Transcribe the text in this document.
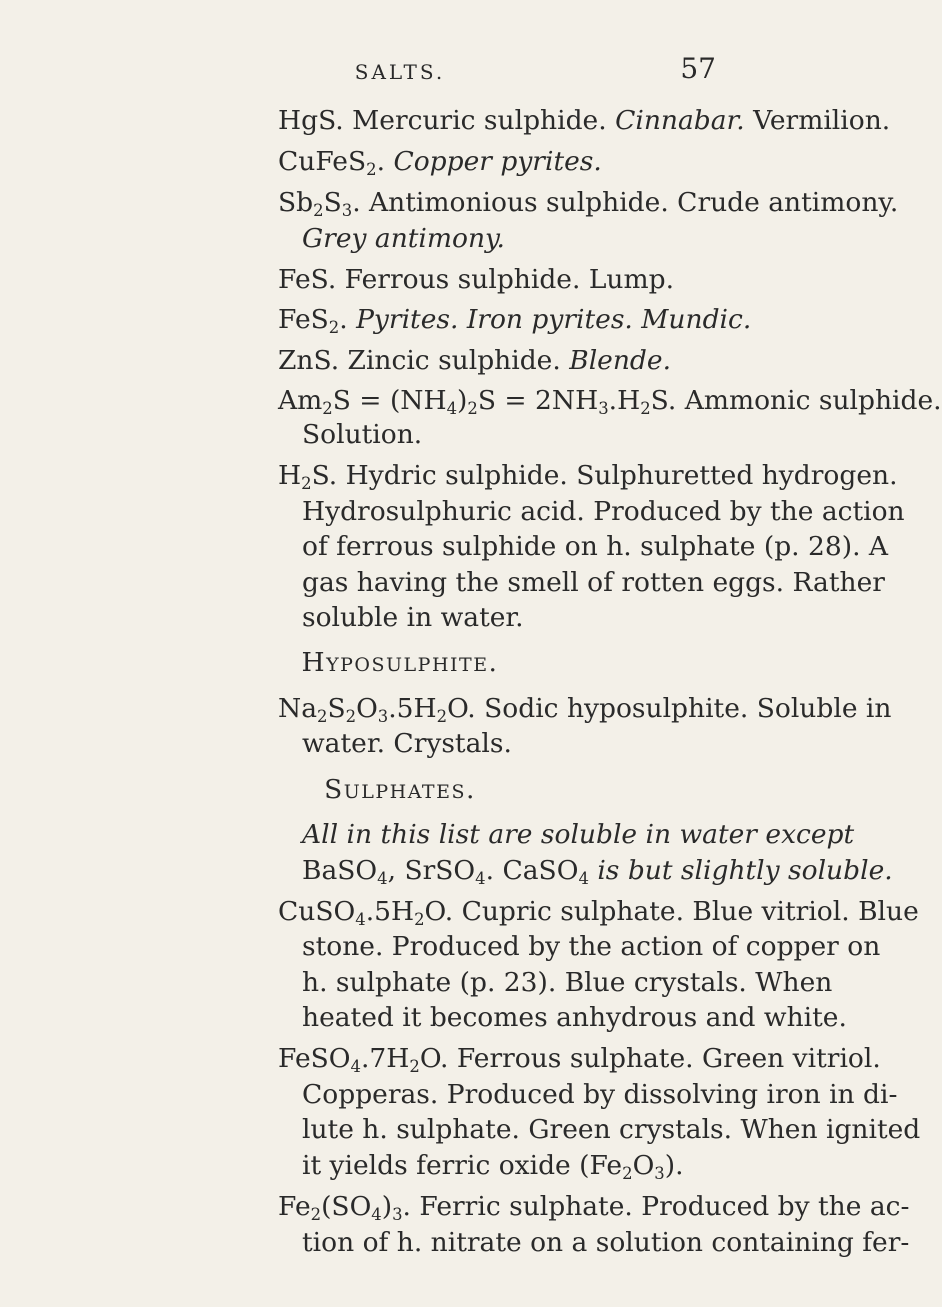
SALTS.	57
HgS. Mercuric sulphide. Cinnabar. Vermilion.
CuFeS$_2$. Copper pyrites.
$Sb_2S_3$. Antimonious sulphide. Crude antimony.
Grey antimony.
FeS. Ferrous sulphide. Lump.
FeS$_2$. Pyrites. Iron pyrites. Mundic.
ZnS. Zincic sulphide. Blende.
$Am_2S = (NH_4)_2S = 2NH_3.H_2S$. Ammonic sulphide.
Solution.
$H_2S$. Hydric sulphide. Sulphuretted hydrogen.
Hydrosulphuric acid. Produced by the action
of ferrous sulphide on h. sulphate (p. 28). A
gas having the smell of rotten eggs. Rather
soluble in water.
Hyposulphite.
$Na_2S_2O_3.5H_2O$. Sodic hyposulphite. Soluble in
water. Crystals.
Sulphates.
All in this list are soluble in water except
BaSO$_4$, SrSO$_4$. CaSO$_4$ is but slightly soluble.
$CuSO_4.5H_2O$. Cupric sulphate. Blue vitriol. Blue
stone. Produced by the action of copper on
h. sulphate (p. 23). Blue crystals. When
heated it becomes anhydrous and white.
$FeSO_4.7H_2O$. Ferrous sulphate. Green vitriol.
Copperas. Produced by dissolving iron in di-
lute h. sulphate. Green crystals. When ignited
it yields ferric oxide $(Fe_2O_3)$.
$Fe_2(SO_4)_3$. Ferric sulphate. Produced by the ac-
tion of h. nitrate on a solution containing fer-
